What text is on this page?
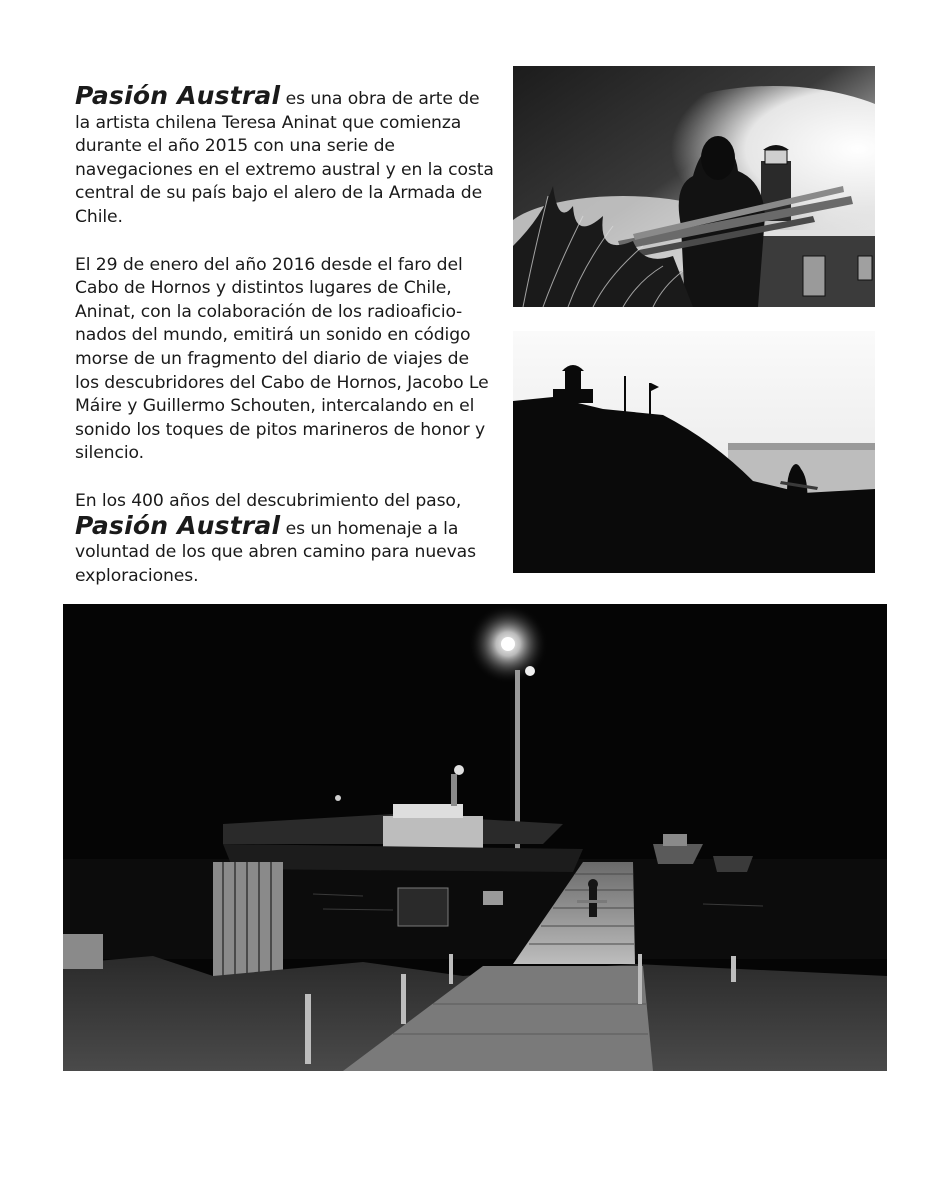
Pasión Austral es una obra de arte de la artista chilena Teresa Aninat que comienza durante el año 2015 con una serie de navegaciones en el extremo austral y en la costa central de su país bajo el alero de la Armada de Chile.

El 29 de enero del año 2016 desde el faro del Cabo de Hornos y distintos lugares de Chile, Aninat, con la colaboración de los radioaficionados del mundo, emitirá un sonido en código morse de un fragmento del diario de viajes de los descubridores del Cabo de Hornos, Jacobo Le Máire y Guillermo Schouten, intercalando en el sonido los toques de pitos marineros de honor y silencio.

En los 400 años del descubrimiento del paso,
Pasión Austral es un homenaje a la voluntad de los que abren camino para nuevas exploraciones.
